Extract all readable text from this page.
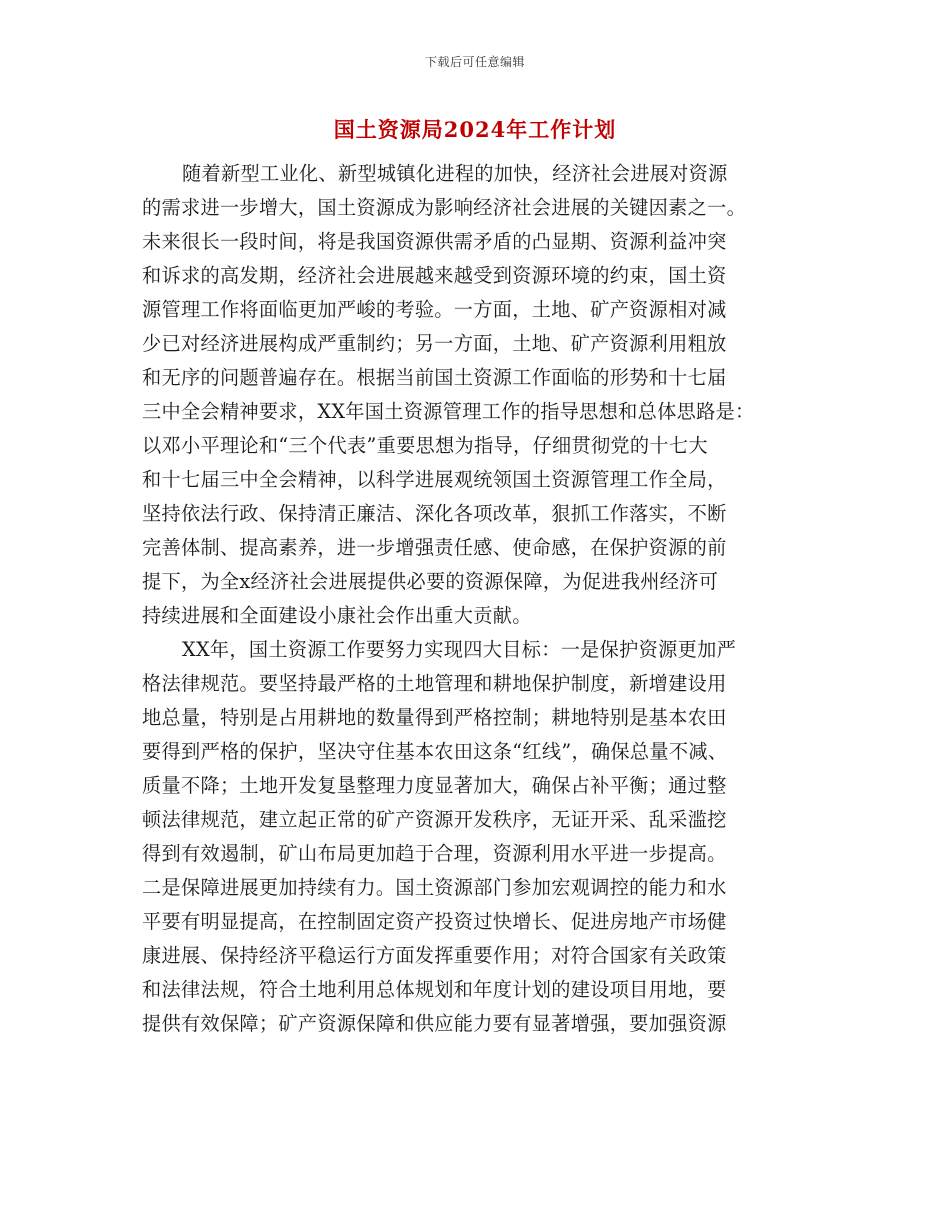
下载后可任意编辑
国土资源局2024年工作计划
随着新型工业化、新型城镇化进程的加快，经济社会进展对资源
的需求进一步增大，国土资源成为影响经济社会进展的关键因素之一。
未来很长一段时间，将是我国资源供需矛盾的凸显期、资源利益冲突
和诉求的高发期，经济社会进展越来越受到资源环境的约束，国土资
源管理工作将面临更加严峻的考验。一方面，土地、矿产资源相对减
少已对经济进展构成严重制约；另一方面，土地、矿产资源利用粗放
和无序的问题普遍存在。根据当前国土资源工作面临的形势和十七届
三中全会精神要求，XX年国土资源管理工作的指导思想和总体思路是：
以邓小平理论和“三个代表”重要思想为指导，仔细贯彻党的十七大
和十七届三中全会精神，以科学进展观统领国土资源管理工作全局，
坚持依法行政、保持清正廉洁、深化各项改革，狠抓工作落实，不断
完善体制、提高素养，进一步增强责任感、使命感，在保护资源的前
提下，为全x经济社会进展提供必要的资源保障，为促进我州经济可
持续进展和全面建设小康社会作出重大贡献。
XX年，国土资源工作要努力实现四大目标：一是保护资源更加严
格法律规范。要坚持最严格的土地管理和耕地保护制度，新增建设用
地总量，特别是占用耕地的数量得到严格控制；耕地特别是基本农田
要得到严格的保护，坚决守住基本农田这条“红线”，确保总量不减、
质量不降；土地开发复垦整理力度显著加大，确保占补平衡；通过整
顿法律规范，建立起正常的矿产资源开发秩序，无证开采、乱采滥挖
得到有效遏制，矿山布局更加趋于合理，资源利用水平进一步提高。
二是保障进展更加持续有力。国土资源部门参加宏观调控的能力和水
平要有明显提高，在控制固定资产投资过快增长、促进房地产市场健
康进展、保持经济平稳运行方面发挥重要作用；对符合国家有关政策
和法律法规，符合土地利用总体规划和年度计划的建设项目用地，要
提供有效保障；矿产资源保障和供应能力要有显著增强，要加强资源
